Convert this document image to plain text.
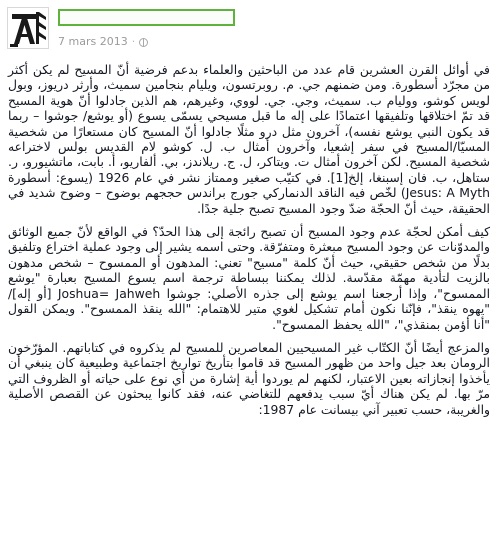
7 mars 2013 ·

في أوائل القرن العشرين قام عدد من الباحثين والعلماء بدعم فرضية أنّ المسيح لم يكن أكثر من مجرّد أسطورة. ومن ضمنهم جي. م. روبرتسون، ويليام بنجامين سميث، وأرثر دريوز، وبول لويس كوشو، ووليام ب. سميث، وجي. جي. لووي، وغيرهم، هم الذين جادلوا أنّ هوية المسيح قد تمّ اختلاقها وتلفيقها اعتمادًا على إله ما قبل مسيحي يسمّى يسوع (أو يوشع/ جوشوا – ربما قد يكون النبي يوشع نفسه)، آخرون مثل درو مثلًا جادلوا أنّ المسيح كان مستعارًا من شخصية المسيّا/المسيح في سفر إشعيا، وآخرون أمثال ب. ل. كوشو لام القديس بولس لاختراعه شخصية المسيح. لكن آخرون أمثال ت. ويتاكر، ل. ج. ريلاندز، بي. ألفاريو، أ. بابت، ماتشيورو، ر. ستاهل، ب. فان إسبنغا، إلخ[1]. في كتيّب صغير وممتاز نشر في عام 1926 (يسوع: أسطورة Jesus: A Myth) لخّص فيه الناقد الدنماركي جورج براندس حججهم بوضوح – وضوح شديد في الحقيقة، حيث أنّ الحجّة ضدّ وجود المسيح تصبح جلية جدًا.

كيف أمكن لحجّة عدم وجود المسيح أن تصبح رائجة إلى هذا الحدّ؟ في الواقع لأنّ جميع الوثائق والمدوّنات عن وجود المسيح مبعثرة ومتفرّقة. وحتى اسمه يشير إلى وجود عملية اختراع وتلفيق بدلًا من شخص حقيقي، حيث أنّ كلمة "مسيح" تعني: المدهون أو الممسوح – شخص مدهون بالزيت لتأدية مهمّة مقدّسة. لذلك يمكننا ببساطة ترجمة اسم يسوع المسيح بعبارة "يوشع الممسوح"، وإذا أرجعنا اسم يوشع إلى جذره الأصلي: جوشوا Joshua= Jahweh [أو إله]/ "يهوه ينقذ"، فإنّنا نكون أمام تشكيل لغوي متير للاهتمام: "الله ينقذ الممسوح". ويمكن القول "أنا أؤمن بمنقذي"، "الله يحفظ الممسوح".

والمزعج أيضًا أنّ الكتّاب غير المسيحيين المعاصرين للمسيح لم يذكروه في كتاباتهم. المؤرّخون الرومان بعد جيل واحد من ظهور المسيح قد قاموا بتأريخ تواريخ اجتماعية وطبيعية كان ينبغي أن يأخذوا إنجازاته بعين الاعتبار، لكنهم لم يوردوا أية إشارة من أي نوع على حياته أو الظروف التي مرّ بها. لم يكن هناك أيّ سبب يدفعهم للتغاضي عنه، فقد كانوا يبحثون عن القصص الأصلية والغريبة، حسب تعبير آني بيسانت عام 1987:
